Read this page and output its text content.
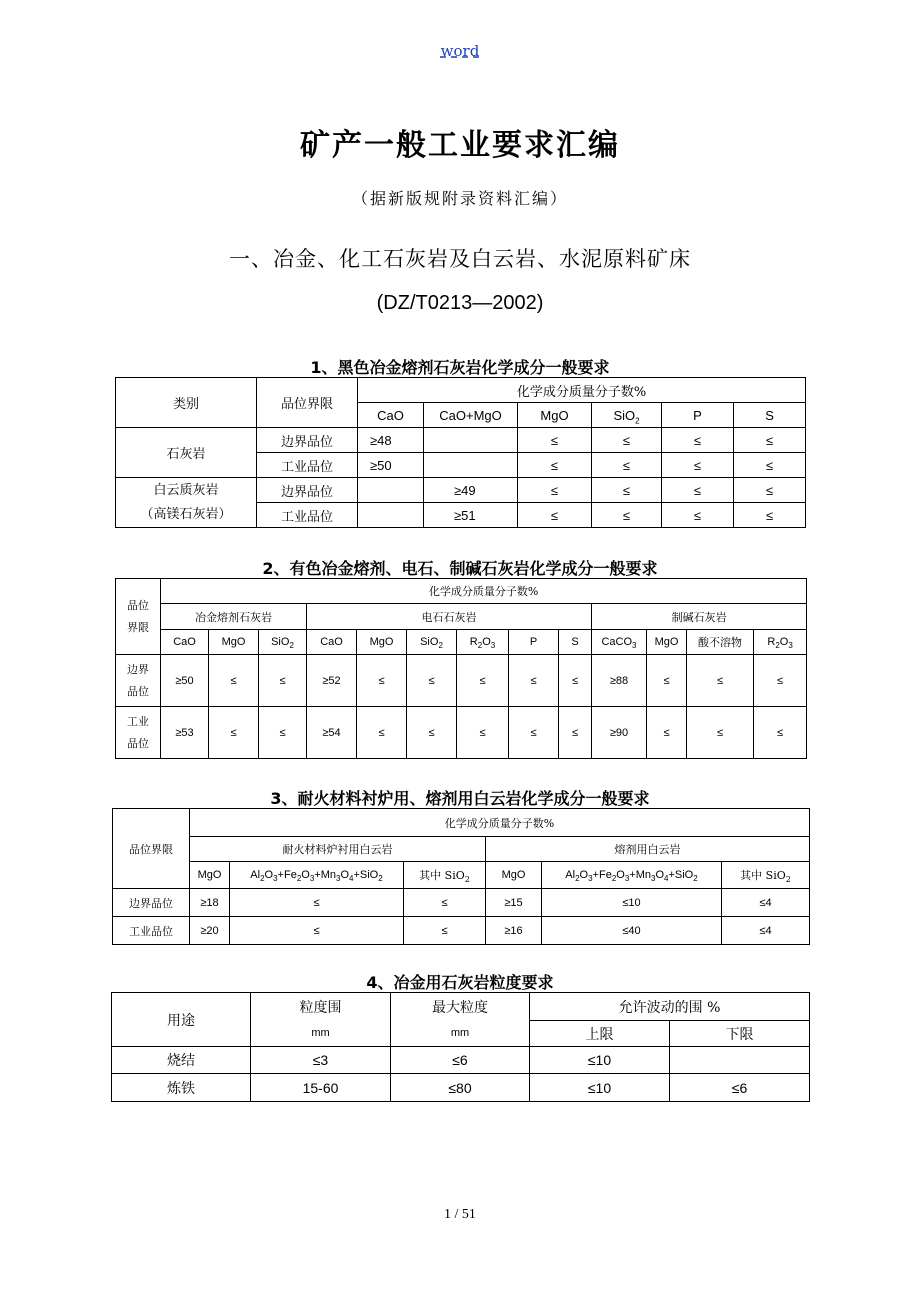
word
矿产一般工业要求汇编
（据新版规附录资料汇编）
一、冶金、化工石灰岩及白云岩、水泥原料矿床
(DZ/T0213—2002)
1、黑色冶金熔剂石灰岩化学成分一般要求
类别	品位界限	化学成分质量分子数%					
		CaO	CaO+MgO	MgO	SiO$_2$	P	S
石灰岩	边界品位	≥48		≤	≤	≤	≤
	工业品位	≥50		≤	≤	≤	≤
白云质灰岩
（高镁石灰岩）	边界品位		≥49	≤	≤	≤	≤
	工业品位		≥51	≤	≤	≤	≤
2、有色冶金熔剂、电石、制碱石灰岩化学成分一般要求
品位
界限	化学成分质量分子数%												
	冶金熔剂石灰岩			电石石灰岩						制碱石灰岩			
	CaO	MgO	SiO$_2$	CaO	MgO	SiO$_2$	$R_2O_3$	P	S	CaCO$_3$	MgO	酸不溶物	$R_2O_3$
边界
品位	≥50	≤	≤	≥52	≤	≤	≤	≤	≤	≥88	≤	≤	≤
工业
品位	≥53	≤	≤	≥54	≤	≤	≤	≤	≤	≥90	≤	≤	≤
3、耐火材料衬炉用、熔剂用白云岩化学成分一般要求
品位界限	化学成分质量分子数%					
	耐火材料炉衬用白云岩			熔剂用白云岩		
	MgO	$Al_2O_3+Fe_2O_3+Mn_3O_4+SiO_2$	其中 SiO$_2$	MgO	$Al_2O_3+Fe_2O_3+Mn_3O_4+SiO_2$	其中 SiO$_2$
边界品位	≥18	≤	≤	≥15	≤10	≤4
工业品位	≥20	≤	≤	≥16	≤40	≤4
4、冶金用石灰岩粒度要求
用途	粒度围	最大粒度	允许波动的围 %	
	mm	mm	上限	下限
烧结	≤3	≤6	≤10	
炼铁	15-60	≤80	≤10	≤6
1 / 51
